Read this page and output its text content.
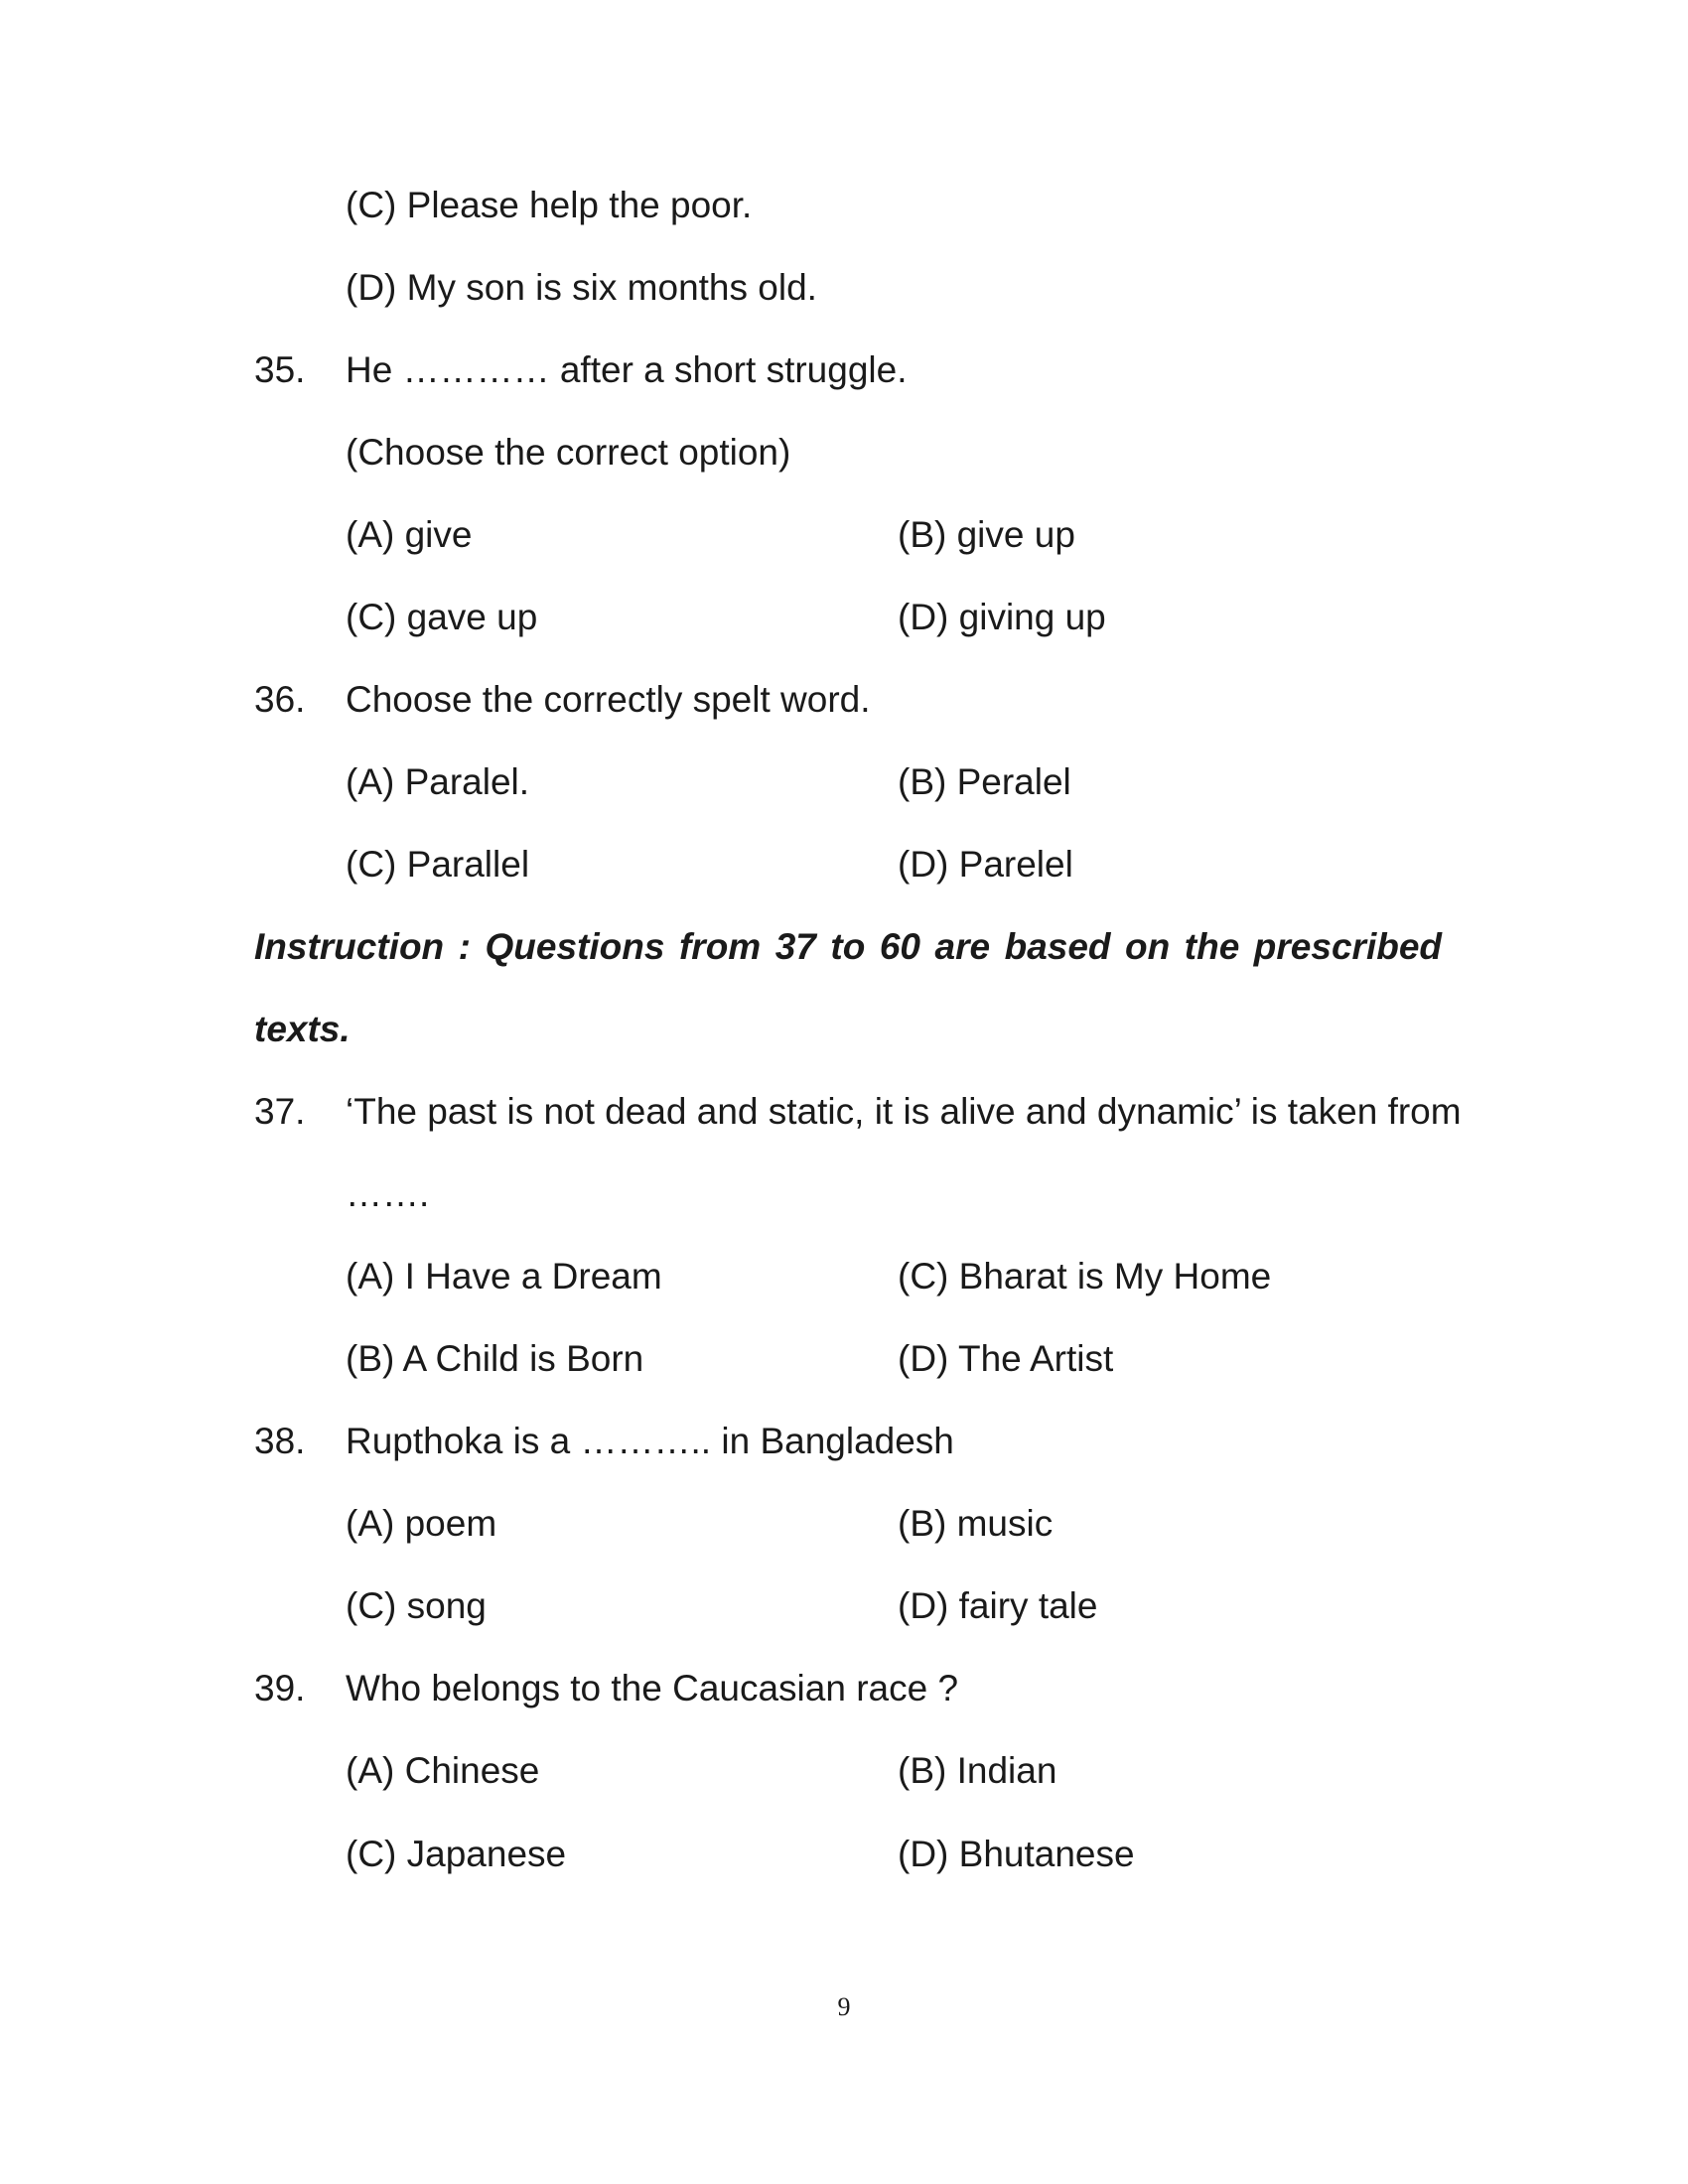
(C) Please help the poor.
(D) My son is six months old.
35. He ………… after a short struggle.
(Choose the correct option)
(A) give	(B) give up
(C) gave up	(D) giving up
36. Choose the correctly spelt word.
(A) Paralel.	(B) Peralel
(C) Parallel	(D) Parelel
Instruction : Questions from 37 to 60 are based on the prescribed
texts.
37. ‘The past is not dead and static, it is alive and dynamic’ is taken from
…….
(A) I Have a Dream	(C) Bharat is My Home
(B) A Child is Born	(D) The Artist
38. Rupthoka is a ……….. in Bangladesh
(A) poem	(B) music
(C) song	(D) fairy tale
39. Who belongs to the Caucasian race ?
(A) Chinese	(B) Indian
(C) Japanese	(D) Bhutanese
9
